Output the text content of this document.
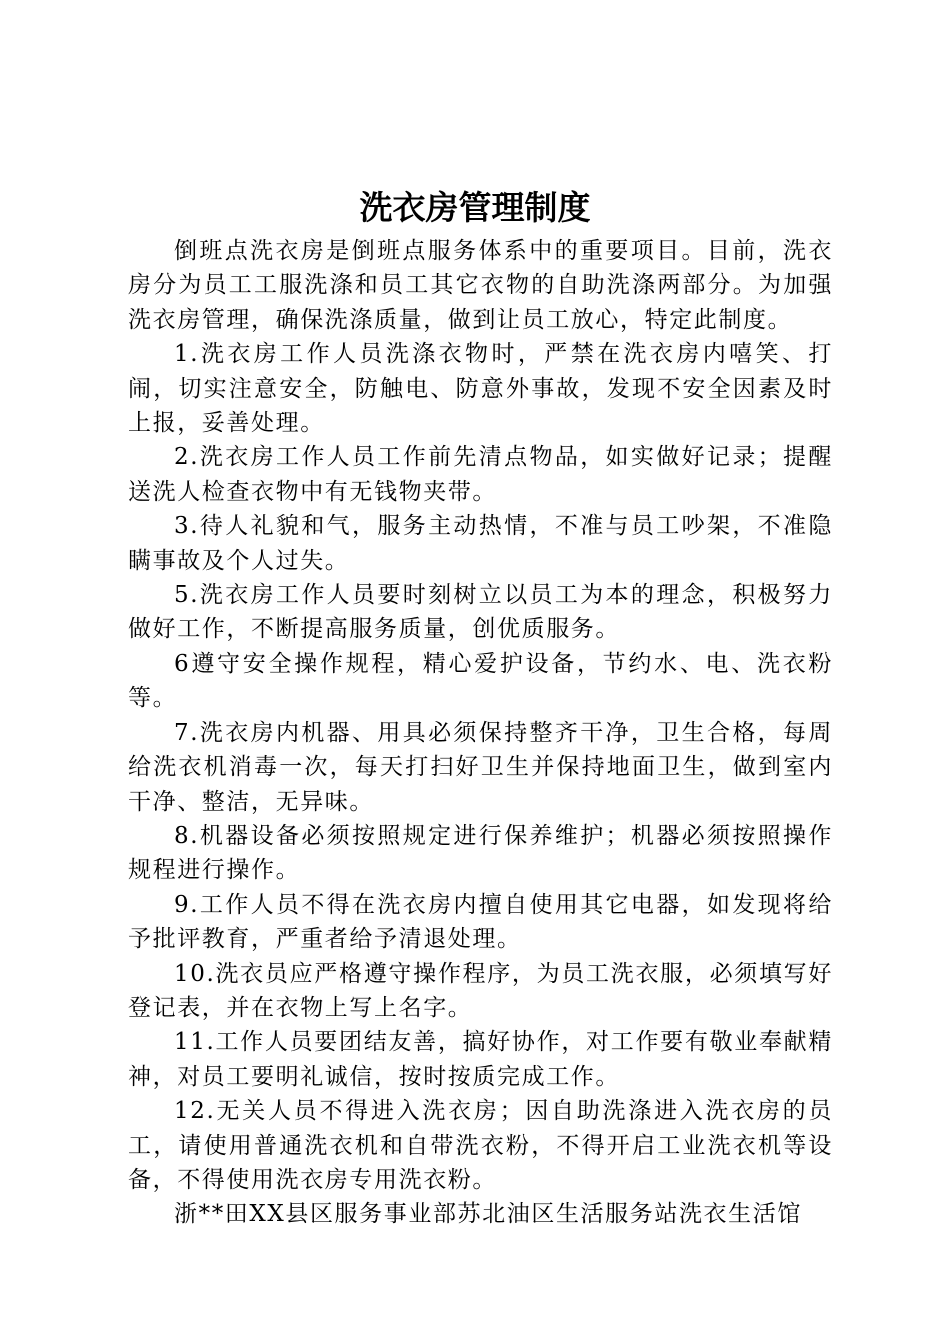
洗衣房管理制度

倒班点洗衣房是倒班点服务体系中的重要项目。目前，洗衣房分为员工工服洗涤和员工其它衣物的自助洗涤两部分。为加强洗衣房管理，确保洗涤质量，做到让员工放心，特定此制度。

1.洗衣房工作人员洗涤衣物时，严禁在洗衣房内嘻笑、打闹，切实注意安全，防触电、防意外事故，发现不安全因素及时上报，妥善处理。

2.洗衣房工作人员工作前先清点物品，如实做好记录；提醒送洗人检查衣物中有无钱物夹带。

3.待人礼貌和气，服务主动热情，不准与员工吵架，不准隐瞒事故及个人过失。

5.洗衣房工作人员要时刻树立以员工为本的理念，积极努力做好工作，不断提高服务质量，创优质服务。

6遵守安全操作规程，精心爱护设备，节约水、电、洗衣粉等。

7.洗衣房内机器、用具必须保持整齐干净，卫生合格，每周给洗衣机消毒一次，每天打扫好卫生并保持地面卫生，做到室内干净、整洁，无异味。

8.机器设备必须按照规定进行保养维护；机器必须按照操作规程进行操作。

9.工作人员不得在洗衣房内擅自使用其它电器，如发现将给予批评教育，严重者给予清退处理。

10.洗衣员应严格遵守操作程序，为员工洗衣服，必须填写好登记表，并在衣物上写上名字。

11.工作人员要团结友善，搞好协作，对工作要有敬业奉献精神，对员工要明礼诚信，按时按质完成工作。

12.无关人员不得进入洗衣房；因自助洗涤进入洗衣房的员工，请使用普通洗衣机和自带洗衣粉，不得开启工业洗衣机等设备，不得使用洗衣房专用洗衣粉。

浙**田XX县区服务事业部苏北油区生活服务站洗衣生活馆
